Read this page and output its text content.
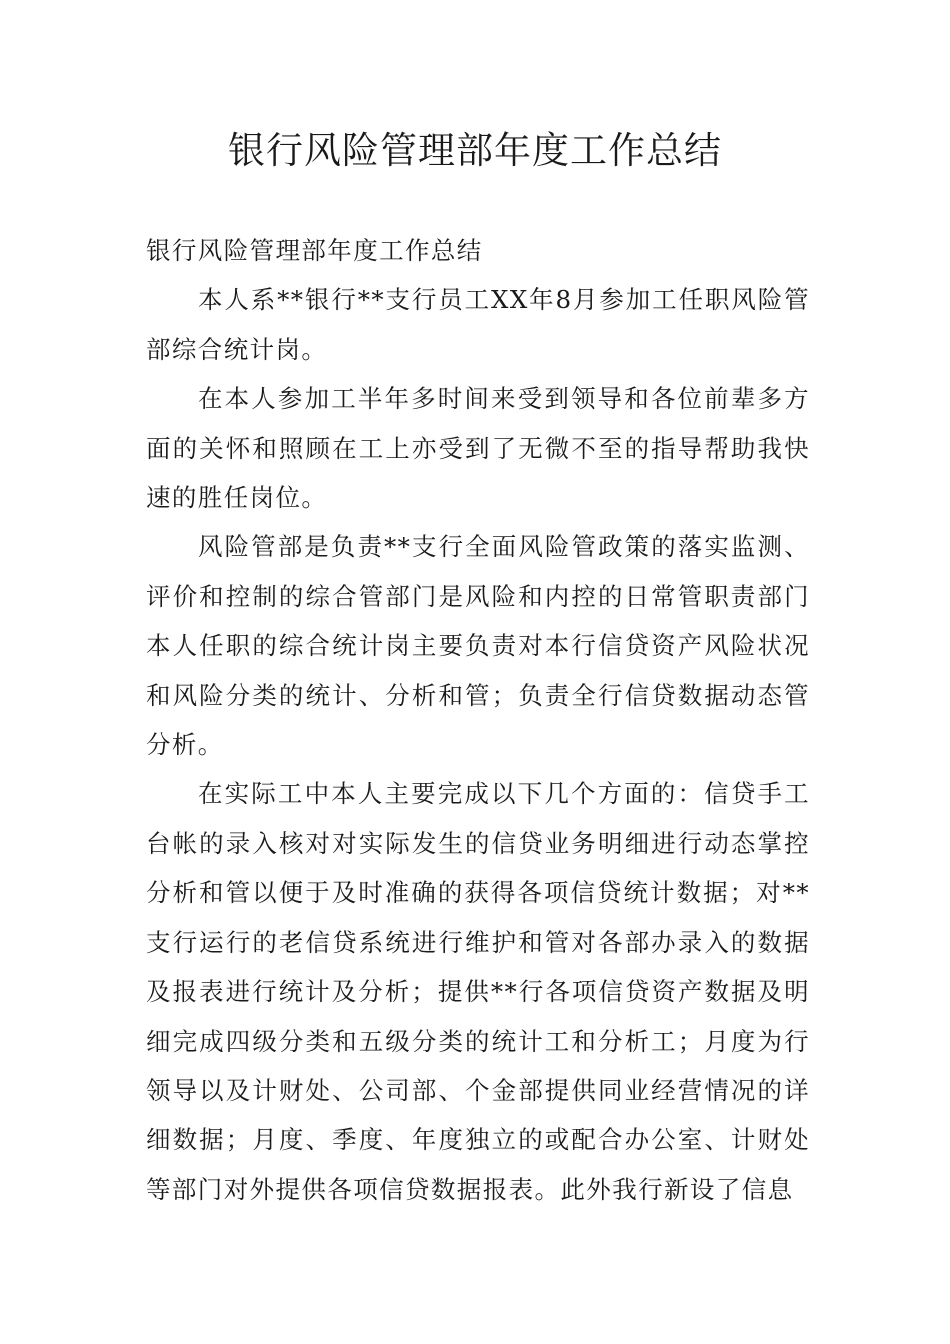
银行风险管理部年度工作总结

银行风险管理部年度工作总结

本人系**银行**支行员工XX年8月参加工任职风险管部综合统计岗。

在本人参加工半年多时间来受到领导和各位前辈多方面的关怀和照顾在工上亦受到了无微不至的指导帮助我快速的胜任岗位。

风险管部是负责**支行全面风险管政策的落实监测、评价和控制的综合管部门是风险和内控的日常管职责部门本人任职的综合统计岗主要负责对本行信贷资产风险状况和风险分类的统计、分析和管；负责全行信贷数据动态管分析。

在实际工中本人主要完成以下几个方面的：信贷手工台帐的录入核对对实际发生的信贷业务明细进行动态掌控分析和管以便于及时准确的获得各项信贷统计数据；对**支行运行的老信贷系统进行维护和管对各部办录入的数据及报表进行统计及分析；提供**行各项信贷资产数据及明细完成四级分类和五级分类的统计工和分析工；月度为行领导以及计财处、公司部、个金部提供同业经营情况的详细数据；月度、季度、年度独立的或配合办公室、计财处等部门对外提供各项信贷数据报表。此外我行新设了信息
